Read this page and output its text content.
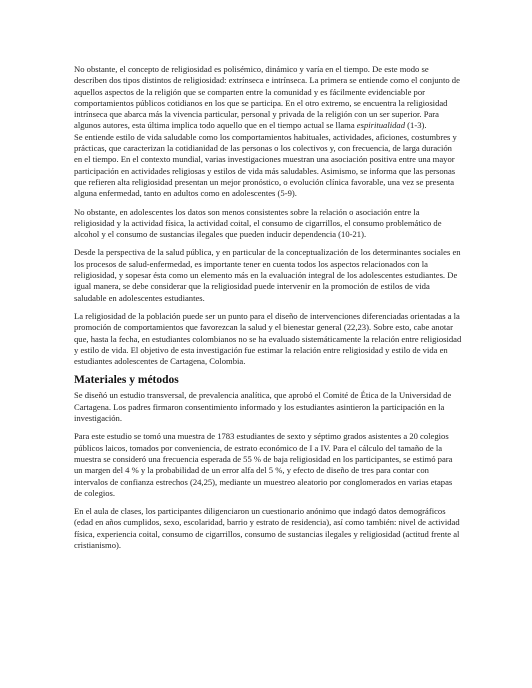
No obstante, el concepto de religiosidad es polisémico, dinámico y varía en el tiempo. De este modo se describen dos tipos distintos de religiosidad: extrínseca e intrínseca. La primera se entiende como el conjunto de aquellos aspectos de la religión que se comparten entre la comunidad y es fácilmente evidenciable por comportamientos públicos cotidianos en los que se participa. En el otro extremo, se encuentra la religiosidad intrínseca que abarca más la vivencia particular, personal y privada de la religión con un ser superior. Para algunos autores, esta última implica todo aquello que en el tiempo actual se llama espiritualidad (1-3).

Se entiende estilo de vida saludable como los comportamientos habituales, actividades, aficiones, costumbres y prácticas, que caracterizan la cotidianidad de las personas o los colectivos y, con frecuencia, de larga duración en el tiempo. En el contexto mundial, varias investigaciones muestran una asociación positiva entre una mayor participación en actividades religiosas y estilos de vida más saludables. Asimismo, se informa que las personas que refieren alta religiosidad presentan un mejor pronóstico, o evolución clínica favorable, una vez se presenta alguna enfermedad, tanto en adultos como en adolescentes (5-9).

No obstante, en adolescentes los datos son menos consistentes sobre la relación o asociación entre la religiosidad y la actividad física, la actividad coital, el consumo de cigarrillos, el consumo problemático de alcohol y el consumo de sustancias ilegales que pueden inducir dependencia (10-21).

Desde la perspectiva de la salud pública, y en particular de la conceptualización de los determinantes sociales en los procesos de salud-enfermedad, es importante tener en cuenta todos los aspectos relacionados con la religiosidad, y sopesar ésta como un elemento más en la evaluación integral de los adolescentes estudiantes. De igual manera, se debe considerar que la religiosidad puede intervenir en la promoción de estilos de vida saludable en adolescentes estudiantes.

La religiosidad de la población puede ser un punto para el diseño de intervenciones diferenciadas orientadas a la promoción de comportamientos que favorezcan la salud y el bienestar general (22,23). Sobre esto, cabe anotar que, hasta la fecha, en estudiantes colombianos no se ha evaluado sistemáticamente la relación entre religiosidad y estilo de vida. El objetivo de esta investigación fue estimar la relación entre religiosidad y estilo de vida en estudiantes adolescentes de Cartagena, Colombia.

Materiales y métodos

Se diseñó un estudio transversal, de prevalencia analítica, que aprobó el Comité de Ética de la Universidad de Cartagena. Los padres firmaron consentimiento informado y los estudiantes asintieron la participación en la investigación.

Para este estudio se tomó una muestra de 1783 estudiantes de sexto y séptimo grados asistentes a 20 colegios públicos laicos, tomados por conveniencia, de estrato económico de I a IV. Para el cálculo del tamaño de la muestra se consideró una frecuencia esperada de 55 % de baja religiosidad en los participantes, se estimó para un margen del 4 % y la probabilidad de un error alfa del 5 %, y efecto de diseño de tres para contar con intervalos de confianza estrechos (24,25), mediante un muestreo aleatorio por conglomerados en varias etapas de colegios.

En el aula de clases, los participantes diligenciaron un cuestionario anónimo que indagó datos demográficos (edad en años cumplidos, sexo, escolaridad, barrio y estrato de residencia), así como también: nivel de actividad física, experiencia coital, consumo de cigarrillos, consumo de sustancias ilegales y religiosidad (actitud frente al cristianismo).
